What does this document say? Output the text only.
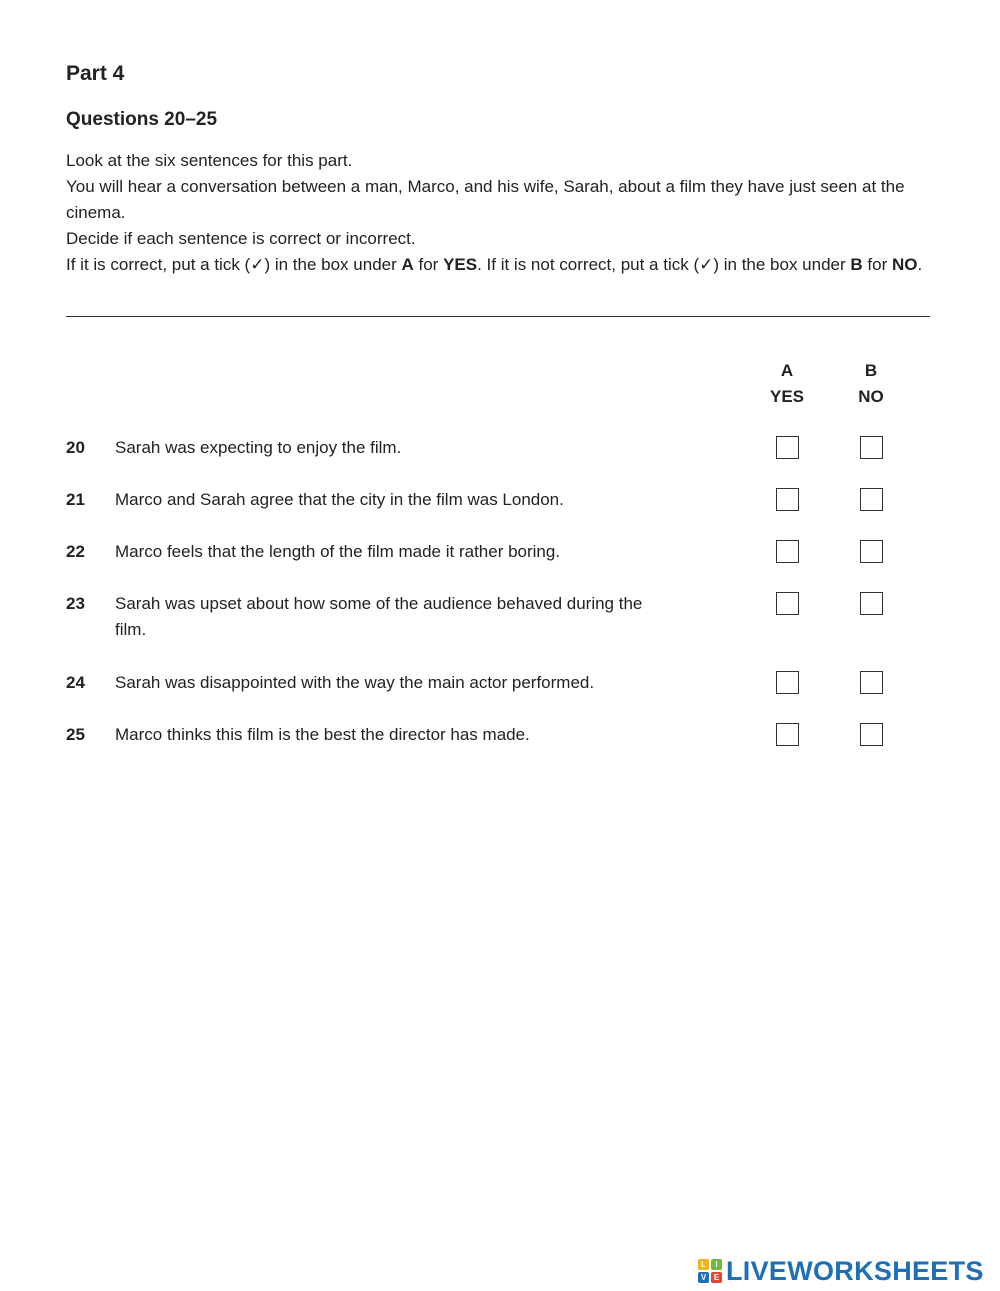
Part 4
Questions 20–25

Look at the six sentences for this part.

You will hear a conversation between a man, Marco, and his wife, Sarah, about a film they have just seen at the cinema.

Decide if each sentence is correct or incorrect.

If it is correct, put a tick (✓) in the box under A for YES. If it is not correct, put a tick (✓) in the box under B for NO.

A
YES
B
NO
20 Sarah was expecting to enjoy the film.
21 Marco and Sarah agree that the city in the film was London.
22 Marco feels that the length of the film made it rather boring.
23 Sarah was upset about how some of the audience behaved during the film.
24 Sarah was disappointed with the way the main actor performed.
25 Marco thinks this film is the best the director has made.
L	I
V E LIVEWORKSHEETS
